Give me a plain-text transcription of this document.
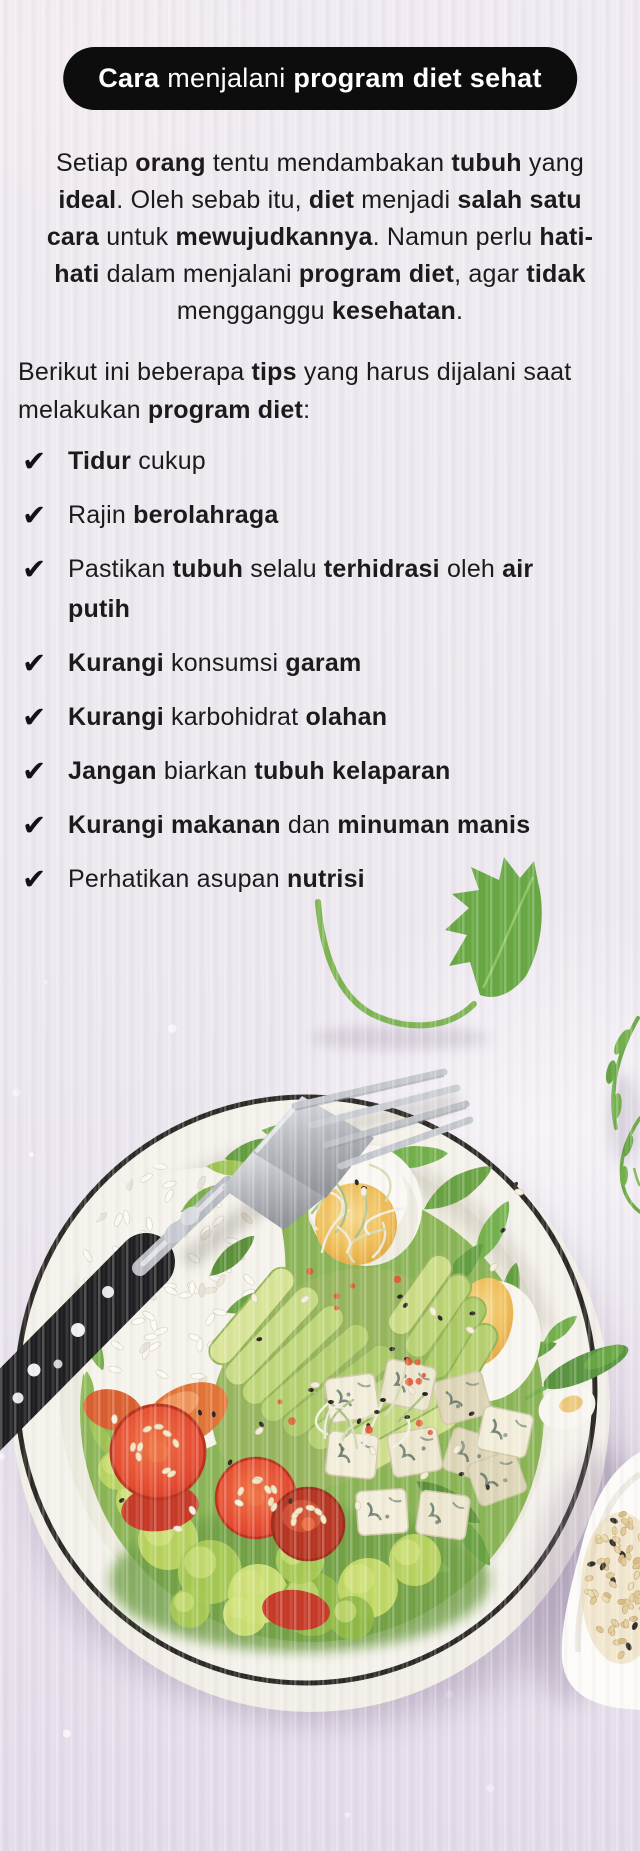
Cara menjalani program diet sehat
Setiap orang tentu mendambakan tubuh yang
ideal. Oleh sebab itu, diet menjadi salah satu
cara untuk mewujudkannya. Namun perlu hati-
hati dalam menjalani program diet, agar tidak
mengganggu kesehatan.
Berikut ini beberapa tips yang harus dijalani saat
melakukan program diet:
✔ Tidur cukup
✔ Rajin berolahraga
✔ Pastikan tubuh selalu terhidrasi oleh air
putih
✔ Kurangi konsumsi garam
✔ Kurangi karbohidrat olahan
✔ Jangan biarkan tubuh kelaparan
✔ Kurangi makanan dan minuman manis
✔ Perhatikan asupan nutrisi
